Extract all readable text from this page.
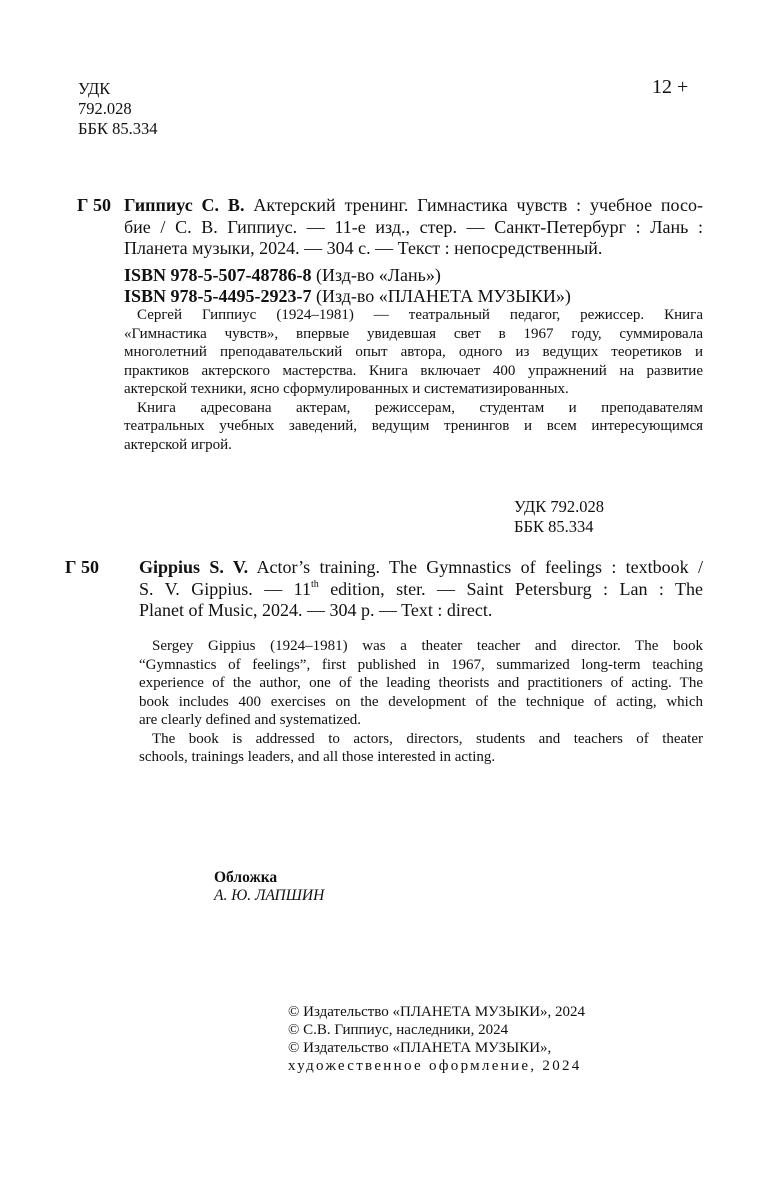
УДК
792.028
ББК 85.334
12 +
Г 50 Гиппиус С. В. Актерский тренинг. Гимнастика чувств : учебное посо-
бие / С. В. Гиппиус. — 11-е изд., стер. — Санкт-Петербург : Лань :
Планета музыки, 2024. — 304 с. — Текст : непосредственный.
ISBN 978-5-507-48786-8 (Изд-во «Лань»)
ISBN 978-5-4495-2923-7 (Изд-во «ПЛАНЕТА МУЗЫКИ»)
Сергей Гиппиус (1924–1981) — театральный педагог, режиссер. Книга
«Гимнастика чувств», впервые увидевшая свет в 1967 году, суммировала
многолетний преподавательский опыт автора, одного из ведущих теоретиков и
практиков актерского мастерства. Книга включает 400 упражнений на развитие
актерской техники, ясно сформулированных и систематизированных.
Книга адресована актерам, режиссерам, студентам и преподавателям
театральных учебных заведений, ведущим тренингов и всем интересующимся
актерской игрой.
УДК 792.028
ББК 85.334
Г 50 Gippius S. V. Actor’s training. The Gymnastics of feelings : textbook /
S. V. Gippius. — 11th edition, ster. — Saint Petersburg : Lan : The
Planet of Music, 2024. — 304 p. — Text : direct.
Sergey Gippius (1924–1981) was a theater teacher and director. The book
“Gymnastics of feelings”, first published in 1967, summarized long-term teaching
experience of the author, one of the leading theorists and practitioners of acting. The
book includes 400 exercises on the development of the technique of acting, which
are clearly defined and systematized.
The book is addressed to actors, directors, students and teachers of theater
schools, trainings leaders, and all those interested in acting.
Обложка
А. Ю. ЛАПШИН
© Издательство «ПЛАНЕТА МУЗЫКИ», 2024
© С.В. Гиппиус, наследники, 2024
© Издательство «ПЛАНЕТА МУЗЫКИ»,
художественное оформление, 2024
